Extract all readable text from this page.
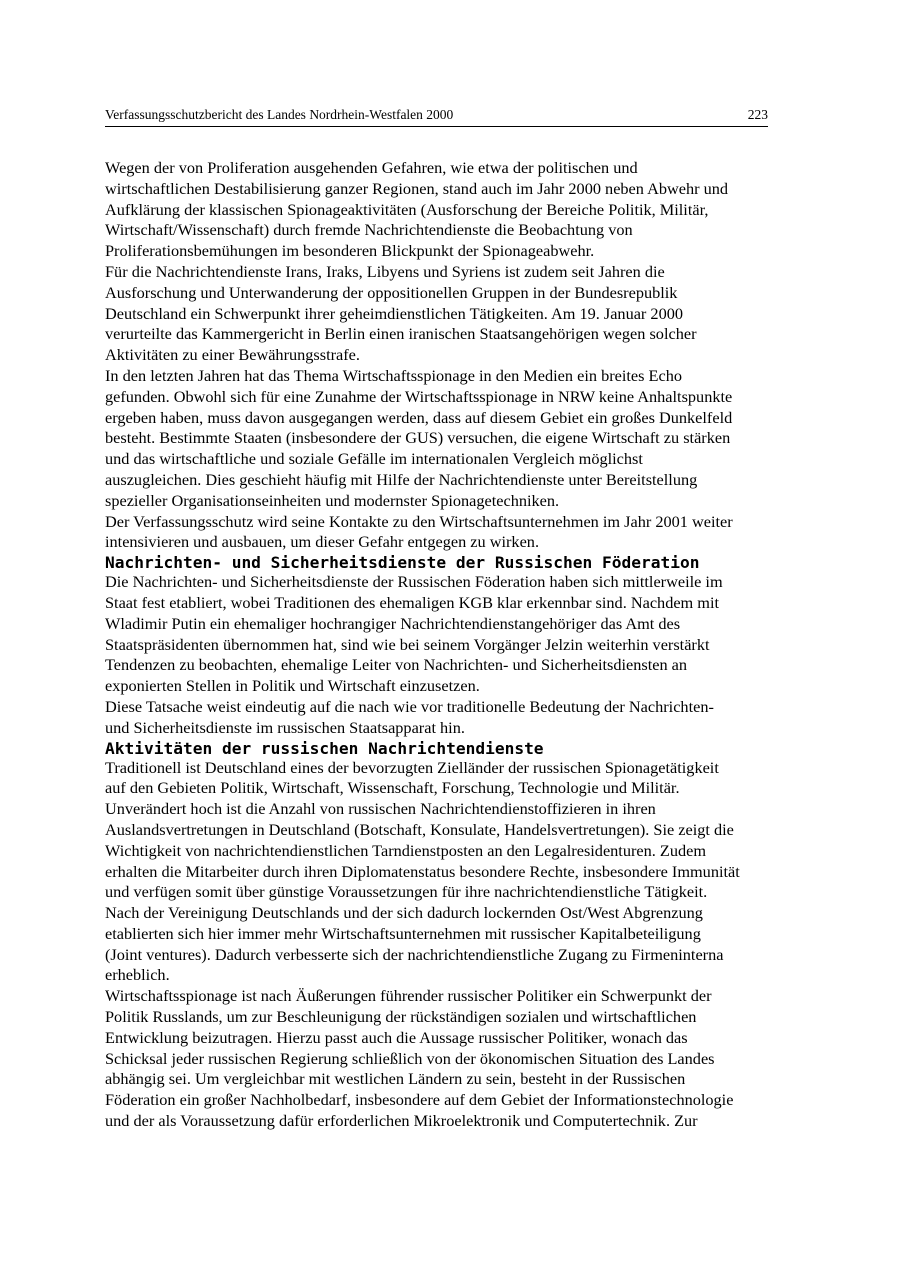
Verfassungsschutzbericht des Landes Nordrhein-Westfalen 2000	223

Wegen der von Proliferation ausgehenden Gefahren, wie etwa der politischen und
wirtschaftlichen Destabilisierung ganzer Regionen, stand auch im Jahr 2000 neben Abwehr und
Aufklärung der klassischen Spionageaktivitäten (Ausforschung der Bereiche Politik, Militär,
Wirtschaft/Wissenschaft) durch fremde Nachrichtendienste die Beobachtung von
Proliferationsbemühungen im besonderen Blickpunkt der Spionageabwehr.

Für die Nachrichtendienste Irans, Iraks, Libyens und Syriens ist zudem seit Jahren die
Ausforschung und Unterwanderung der oppositionellen Gruppen in der Bundesrepublik
Deutschland ein Schwerpunkt ihrer geheimdienstlichen Tätigkeiten. Am 19. Januar 2000
verurteilte das Kammergericht in Berlin einen iranischen Staatsangehörigen wegen solcher
Aktivitäten zu einer Bewährungsstrafe.

In den letzten Jahren hat das Thema Wirtschaftsspionage in den Medien ein breites Echo
gefunden. Obwohl sich für eine Zunahme der Wirtschaftsspionage in NRW keine Anhaltspunkte
ergeben haben, muss davon ausgegangen werden, dass auf diesem Gebiet ein großes Dunkelfeld
besteht. Bestimmte Staaten (insbesondere der GUS) versuchen, die eigene Wirtschaft zu stärken
und das wirtschaftliche und soziale Gefälle im internationalen Vergleich möglichst
auszugleichen. Dies geschieht häufig mit Hilfe der Nachrichtendienste unter Bereitstellung
spezieller Organisationseinheiten und modernster Spionagetechniken.

Der Verfassungsschutz wird seine Kontakte zu den Wirtschaftsunternehmen im Jahr 2001 weiter
intensivieren und ausbauen, um dieser Gefahr entgegen zu wirken.

Nachrichten- und Sicherheitsdienste der Russischen Föderation

Die Nachrichten- und Sicherheitsdienste der Russischen Föderation haben sich mittlerweile im
Staat fest etabliert, wobei Traditionen des ehemaligen KGB klar erkennbar sind. Nachdem mit
Wladimir Putin ein ehemaliger hochrangiger Nachrichtendienstangehöriger das Amt des
Staatspräsidenten übernommen hat, sind wie bei seinem Vorgänger Jelzin weiterhin verstärkt
Tendenzen zu beobachten, ehemalige Leiter von Nachrichten- und Sicherheitsdiensten an
exponierten Stellen in Politik und Wirtschaft einzusetzen.

Diese Tatsache weist eindeutig auf die nach wie vor traditionelle Bedeutung der Nachrichten-
und Sicherheitsdienste im russischen Staatsapparat hin.

Aktivitäten der russischen Nachrichtendienste

Traditionell ist Deutschland eines der bevorzugten Zielländer der russischen Spionagetätigkeit
auf den Gebieten Politik, Wirtschaft, Wissenschaft, Forschung, Technologie und Militär.

Unverändert hoch ist die Anzahl von russischen Nachrichtendienstoffizieren in ihren
Auslandsvertretungen in Deutschland (Botschaft, Konsulate, Handelsvertretungen). Sie zeigt die
Wichtigkeit von nachrichtendienstlichen Tarndienstposten an den Legalresidenturen. Zudem
erhalten die Mitarbeiter durch ihren Diplomatenstatus besondere Rechte, insbesondere Immunität
und verfügen somit über günstige Voraussetzungen für ihre nachrichtendienstliche Tätigkeit.

Nach der Vereinigung Deutschlands und der sich dadurch lockernden Ost/West Abgrenzung
etablierten sich hier immer mehr Wirtschaftsunternehmen mit russischer Kapitalbeteiligung
(Joint ventures). Dadurch verbesserte sich der nachrichtendienstliche Zugang zu Firmeninterna
erheblich.

Wirtschaftsspionage ist nach Äußerungen führender russischer Politiker ein Schwerpunkt der
Politik Russlands, um zur Beschleunigung der rückständigen sozialen und wirtschaftlichen
Entwicklung beizutragen. Hierzu passt auch die Aussage russischer Politiker, wonach das
Schicksal jeder russischen Regierung schließlich von der ökonomischen Situation des Landes
abhängig sei. Um vergleichbar mit westlichen Ländern zu sein, besteht in der Russischen
Föderation ein großer Nachholbedarf, insbesondere auf dem Gebiet der Informationstechnologie
und der als Voraussetzung dafür erforderlichen Mikroelektronik und Computertechnik. Zur
